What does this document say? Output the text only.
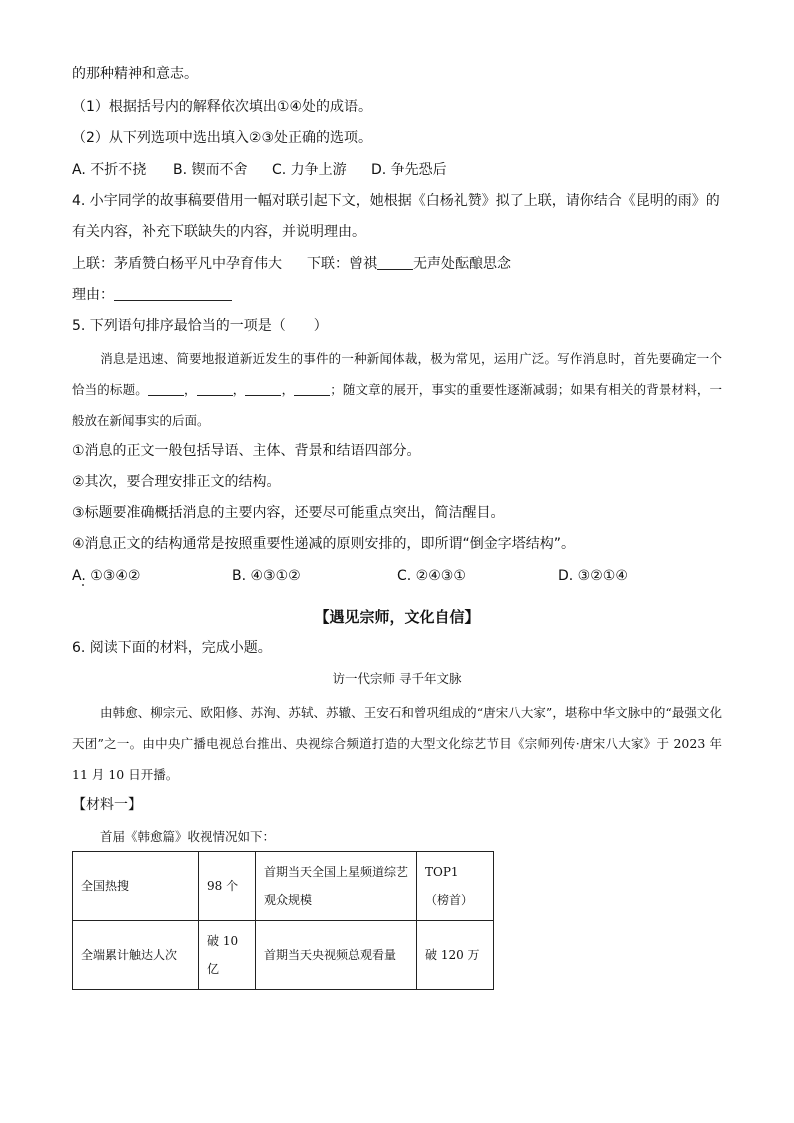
的那种精神和意志。
（1）根据括号内的解释依次填出①④处的成语。
（2）从下列选项中选出填入②③处正确的选项。
A. 不折不挠 B. 锲而不舍 C. 力争上游 D. 争先恐后
4. 小宇同学的故事稿要借用一幅对联引起下文，她根据《白杨礼赞》拟了上联，请你结合《昆明的雨》的
有关内容，补充下联缺失的内容，并说明理由。
上联：茅盾赞白杨平凡中孕育伟大 下联：曾祺	无声处酝酿思念
理由：
5. 下列语句排序最恰当的一项是（　　）
消息是迅速、简要地报道新近发生的事件的一种新闻体裁，极为常见，运用广泛。写作消息时，首先要确定一个恰当的标题。	，	，	，	；随文章的展开，事实的重要性逐渐减弱；如果有相关的背景材料，一般放在新闻事实的后面。
①消息的正文一般包括导语、主体、背景和结语四部分。
②其次，要合理安排正文的结构。
③标题要准确概括消息的主要内容，还要尽可能重点突出，简洁醒目。
④消息正文的结构通常是按照重要性递减的原则安排的，即所谓“倒金字塔结构”。
A. ①③④②	B. ④③①②	C. ②④③①	D. ③②①④
【遇见宗师，文化自信】
6. 阅读下面的材料，完成小题。
访一代宗师 寻千年文脉
由韩愈、柳宗元、欧阳修、苏洵、苏轼、苏辙、王安石和曾巩组成的“唐宋八大家”，堪称中华文脉中的“最强文化天团”之一。由中央广播电视总台推出、央视综合频道打造的大型文化综艺节目《宗师列传·唐宋八大家》于 2023 年 11 月 10 日开播。
【材料一】
首届《韩愈篇》收视情况如下：
全国热搜	98 个	首期当天全国上星频道综艺观众规模	TOP1 （榜首）
全端累计触达人次	破 10 亿	首期当天央视频总观看量	破 120 万
